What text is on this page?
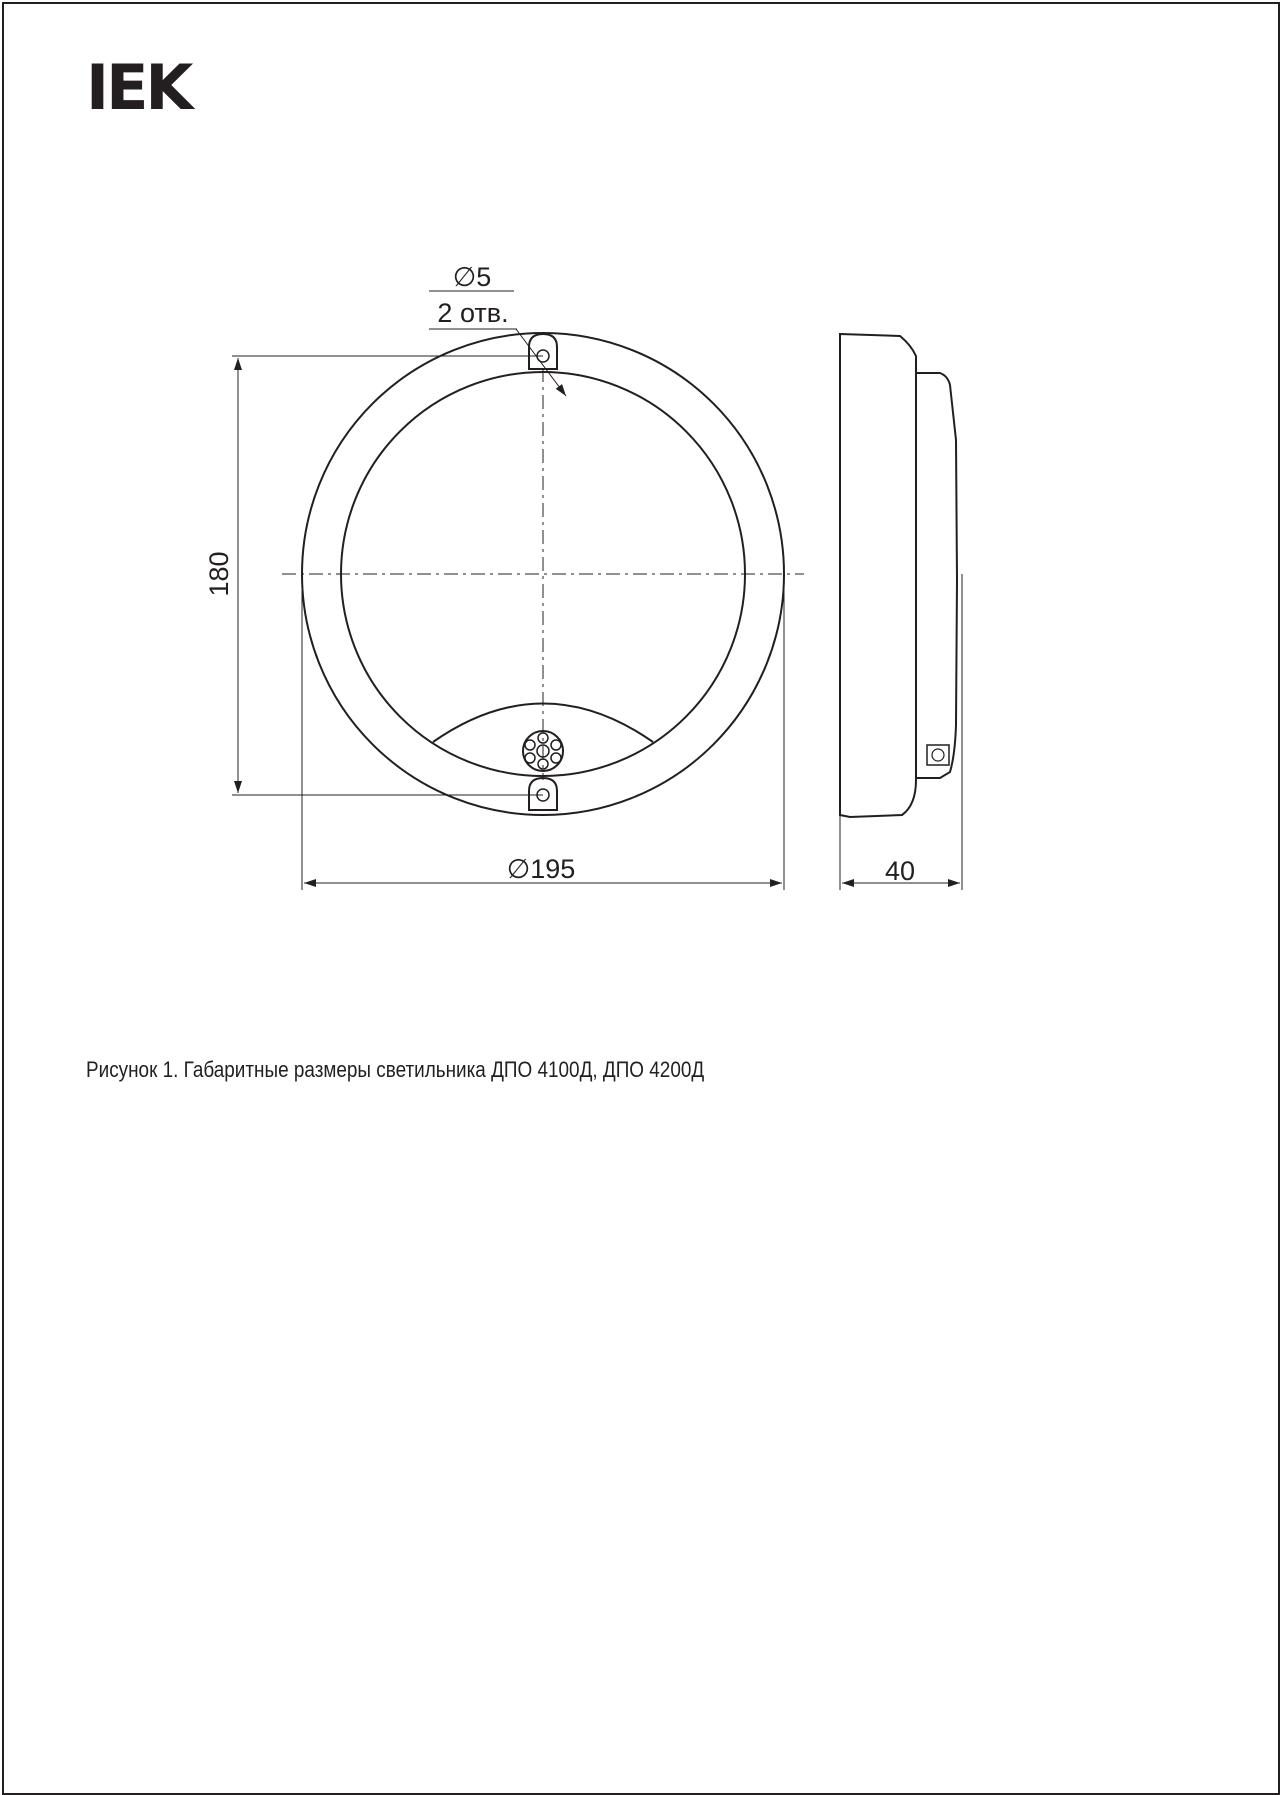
IEK
∅5
2 отв.
180
∅195	40
Рисунок 1. Габаритные размеры светильника ДПО 4100Д, ДПО 4200Д
